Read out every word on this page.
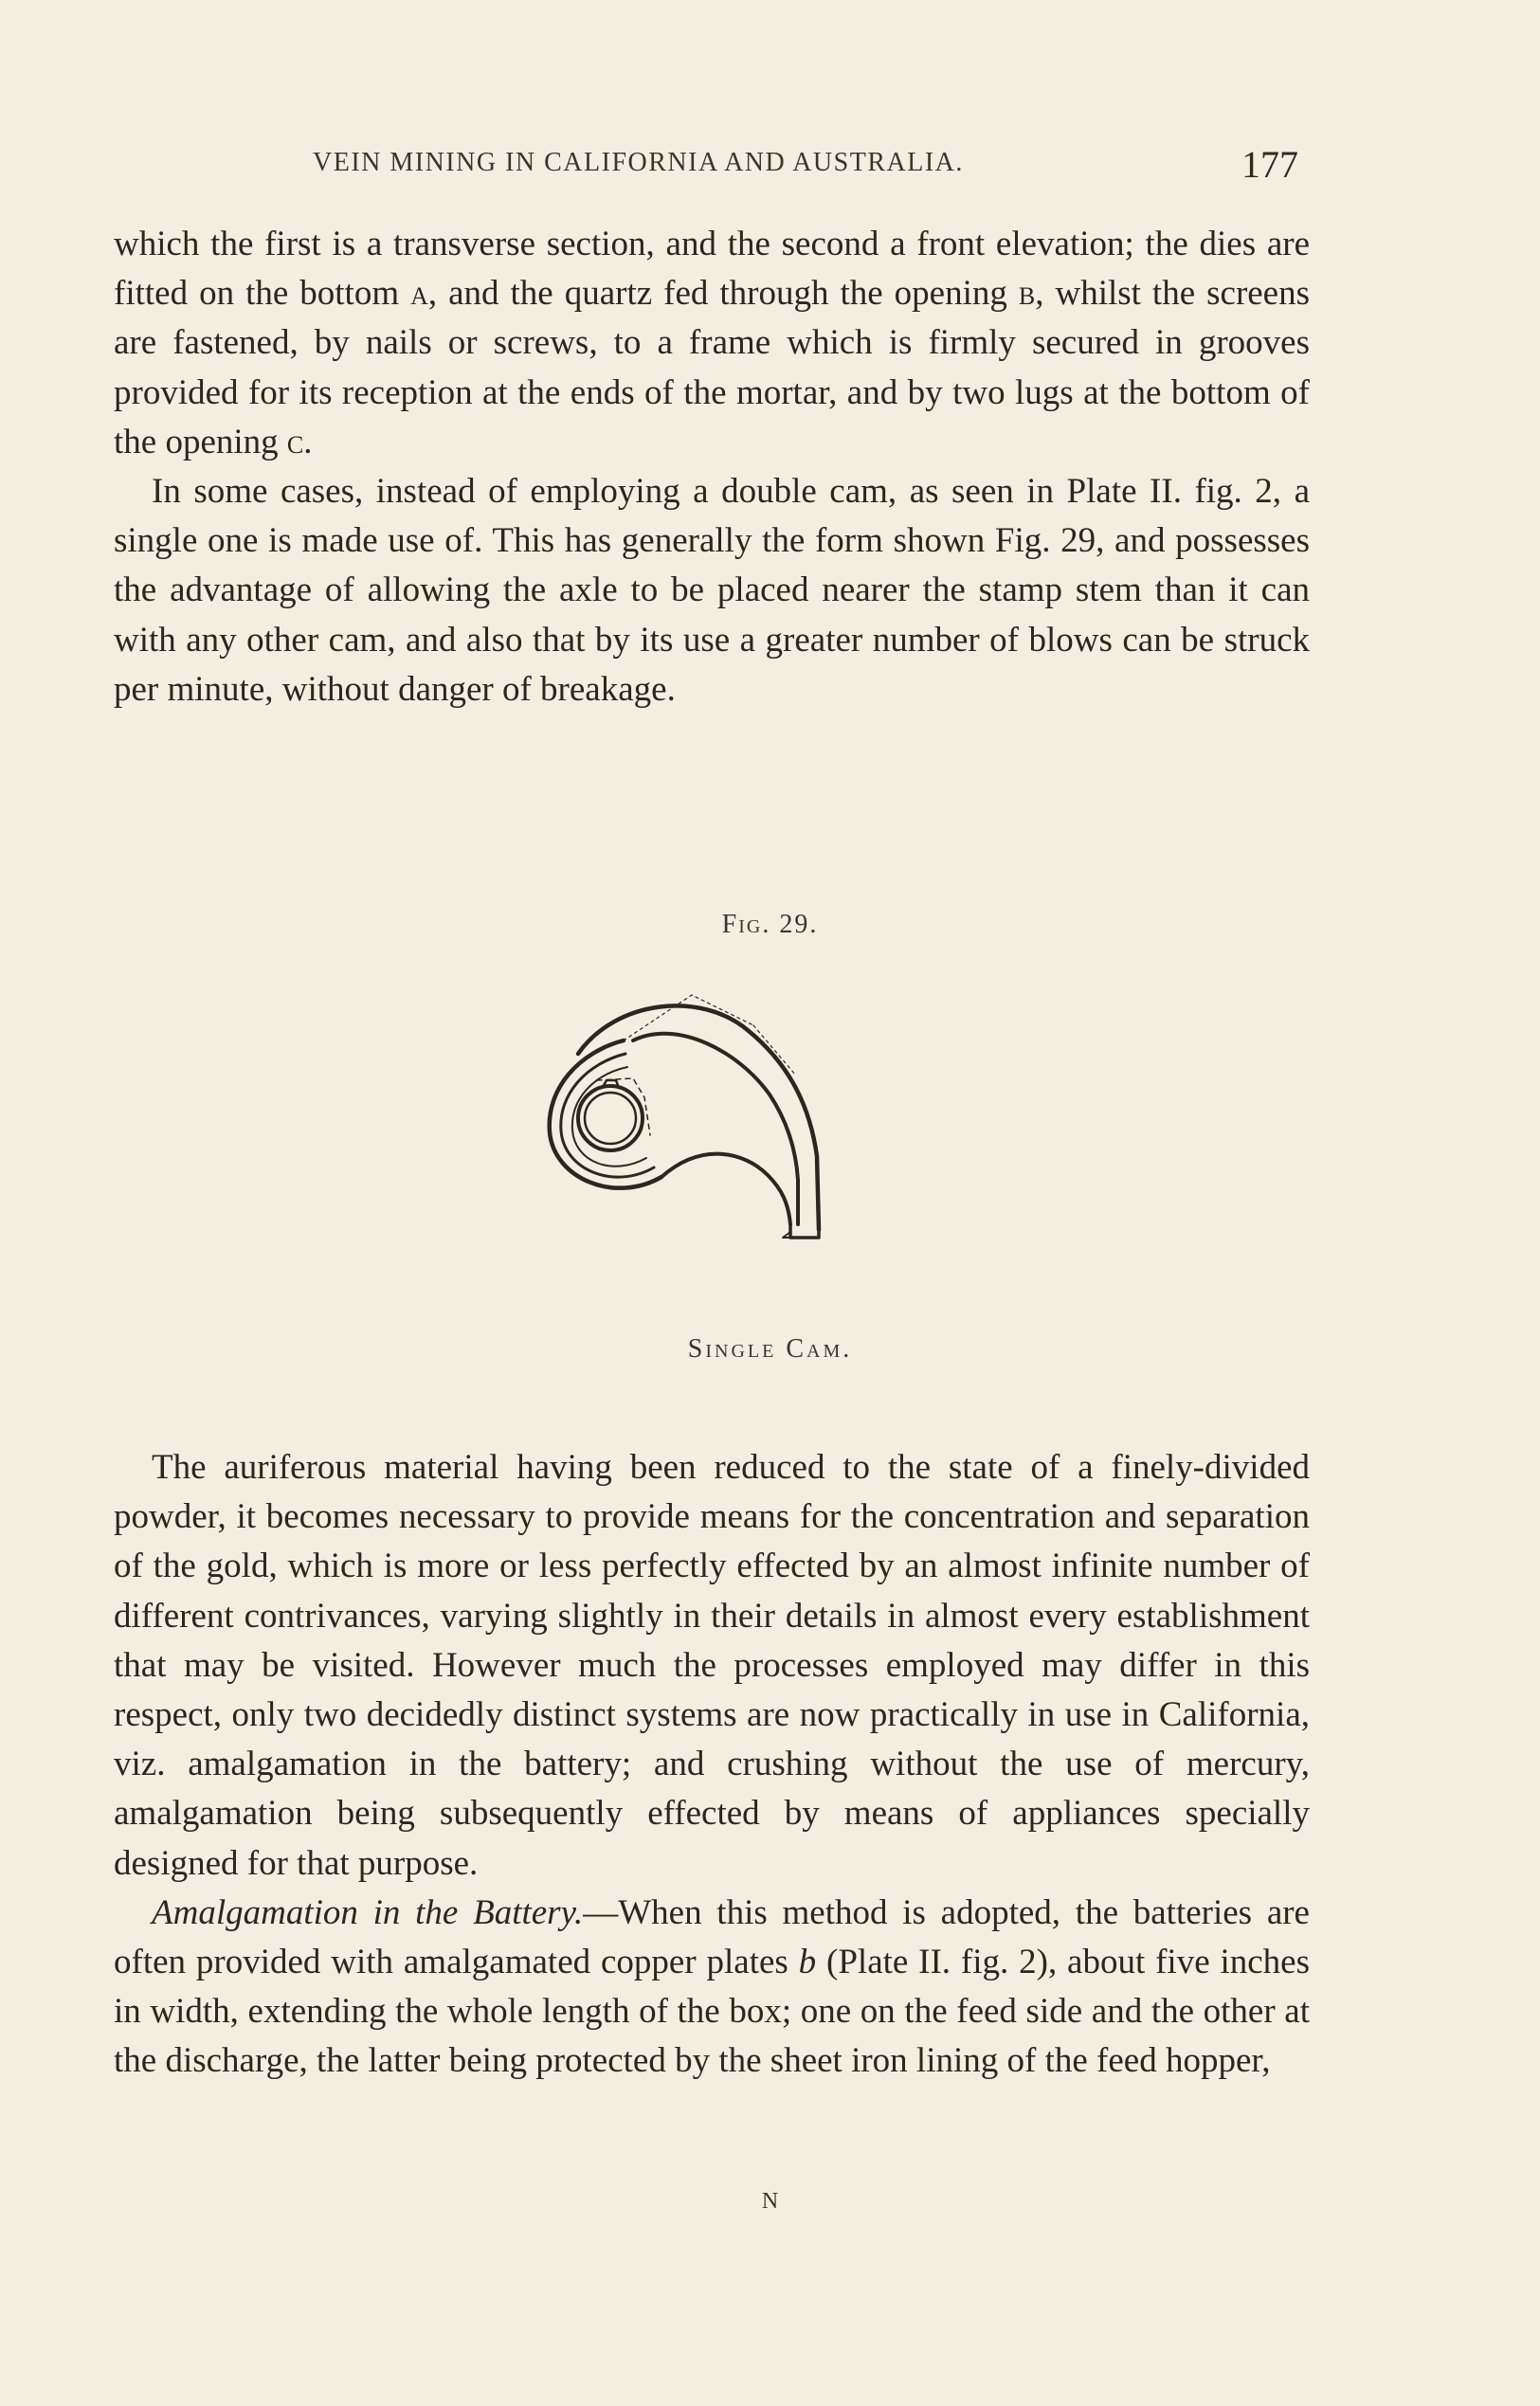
VEIN MINING IN CALIFORNIA AND AUSTRALIA.	177

which the first is a transverse section, and the second a front elevation; the dies are fitted on the bottom a, and the quartz fed through the opening b, whilst the screens are fastened, by nails or screws, to a frame which is firmly secured in grooves provided for its reception at the ends of the mortar, and by two lugs at the bottom of the opening c.

In some cases, instead of employing a double cam, as seen in Plate II. fig. 2, a single one is made use of. This has generally the form shown Fig. 29, and possesses the advantage of allowing the axle to be placed nearer the stamp stem than it can with any other cam, and also that by its use a greater number of blows can be struck per minute, without danger of breakage.

Fig. 29.
Single Cam.

The auriferous material having been reduced to the state of a finely-divided powder, it becomes necessary to provide means for the concentration and separation of the gold, which is more or less perfectly effected by an almost infinite number of different contrivances, varying slightly in their details in almost every establishment that may be visited. However much the processes employed may differ in this respect, only two decidedly distinct systems are now practically in use in California, viz. amalgamation in the battery; and crushing without the use of mercury, amalgamation being subsequently effected by means of appliances specially designed for that purpose.

Amalgamation in the Battery.—When this method is adopted, the batteries are often provided with amalgamated copper plates b (Plate II. fig. 2), about five inches in width, extending the whole length of the box; one on the feed side and the other at the discharge, the latter being protected by the sheet iron lining of the feed hopper,

N
